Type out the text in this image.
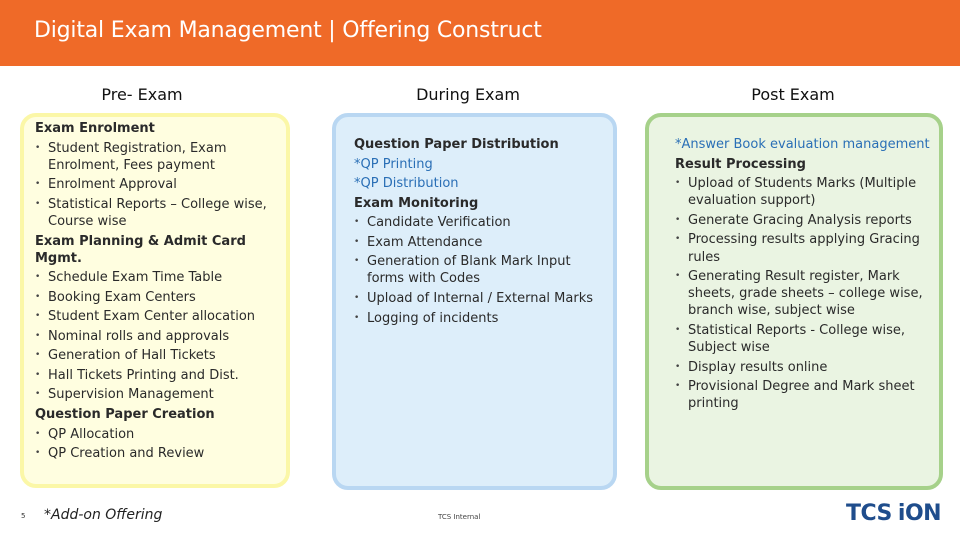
Digital Exam Management | Offering Construct
Pre- Exam	During Exam	Post Exam
Exam Enrolment
• Student Registration, Exam Enrolment, Fees payment
• Enrolment Approval
• Statistical Reports – College wise, Course wise
Exam Planning & Admit Card Mgmt.
• Schedule Exam Time Table
• Booking Exam Centers
• Student Exam Center allocation
• Nominal rolls and approvals
• Generation of Hall Tickets
• Hall Tickets Printing and Dist.
• Supervision Management
Question Paper Creation
• QP Allocation
• QP Creation and Review
Question Paper Distribution
*QP Printing
*QP Distribution
Exam Monitoring
• Candidate Verification
• Exam Attendance
• Generation of Blank Mark Input forms with Codes
• Upload of Internal / External Marks
• Logging of incidents
*Answer Book evaluation management
Result Processing
• Upload of Students Marks (Multiple evaluation support)
• Generate Gracing Analysis reports
• Processing results applying Gracing rules
• Generating Result register, Mark sheets, grade sheets – college wise, branch wise, subject wise
• Statistical Reports - College wise, Subject wise
• Display results online
• Provisional Degree and Mark sheet printing
5 *Add-on Offering	TCS Internal	TCS iON
